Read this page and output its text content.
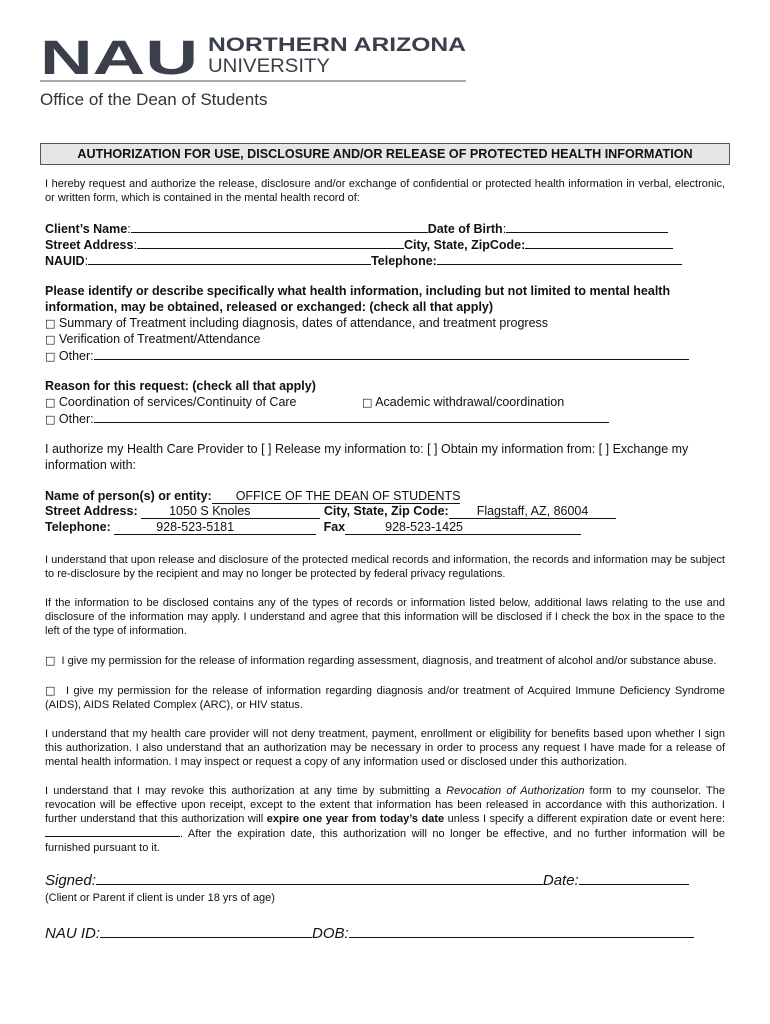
NAU NORTHERN ARIZONA
UNIVERSITY
Office of the Dean of Students
AUTHORIZATION FOR USE, DISCLOSURE AND/OR RELEASE OF PROTECTED HEALTH INFORMATION
I hereby request and authorize the release, disclosure and/or exchange of confidential or protected health information in verbal, electronic, or written form, which is contained in the mental health record of:
Client’s Name:	Date of Birth:
Street Address:	City, State, ZipCode:
NAUID:	Telephone:
Please identify or describe specifically what health information, including but not limited to mental health information, may be obtained, released or exchanged: (check all that apply)
□ Summary of Treatment including diagnosis, dates of attendance, and treatment progress
□ Verification of Treatment/Attendance
□ Other:
Reason for this request: (check all that apply)
□ Coordination of services/Continuity of Care	□ Academic withdrawal/coordination
□ Other:
I authorize my Health Care Provider to [ ] Release my information to: [ ] Obtain my information from: [ ] Exchange my information with:
Name of person(s) or entity: OFFICE OF THE DEAN OF STUDENTS
Street Address:	1050 S Knoles	City, State, Zip Code: Flagstaff, AZ, 86004
Telephone:	928-523-5181	Fax	928-523-1425
I understand that upon release and disclosure of the protected medical records and information, the records and information may be subject to re-disclosure by the recipient and may no longer be protected by federal privacy regulations.
If the information to be disclosed contains any of the types of records or information listed below, additional laws relating to the use and disclosure of the information may apply. I understand and agree that this information will be disclosed if I check the box in the space to the left of the type of information.
□ I give my permission for the release of information regarding assessment, diagnosis, and treatment of alcohol and/or substance abuse.
□ I give my permission for the release of information regarding diagnosis and/or treatment of Acquired Immune Deficiency Syndrome (AIDS), AIDS Related Complex (ARC), or HIV status.
I understand that my health care provider will not deny treatment, payment, enrollment or eligibility for benefits based upon whether I sign this authorization. I also understand that an authorization may be necessary in order to process any request I have made for a release of mental health information. I may inspect or request a copy of any information used or disclosed under this authorization.
I understand that I may revoke this authorization at any time by submitting a Revocation of Authorization form to my counselor. The revocation will be effective upon receipt, except to the extent that information has been released in accordance with this authorization. I further understand that this authorization will expire one year from today’s date unless I specify a different expiration date or event here:. After the expiration date, this authorization will no longer be effective, and no further information will be furnished pursuant to it.
Signed:	Date:
(Client or Parent if client is under 18 yrs of age)
NAU ID:	DOB:
